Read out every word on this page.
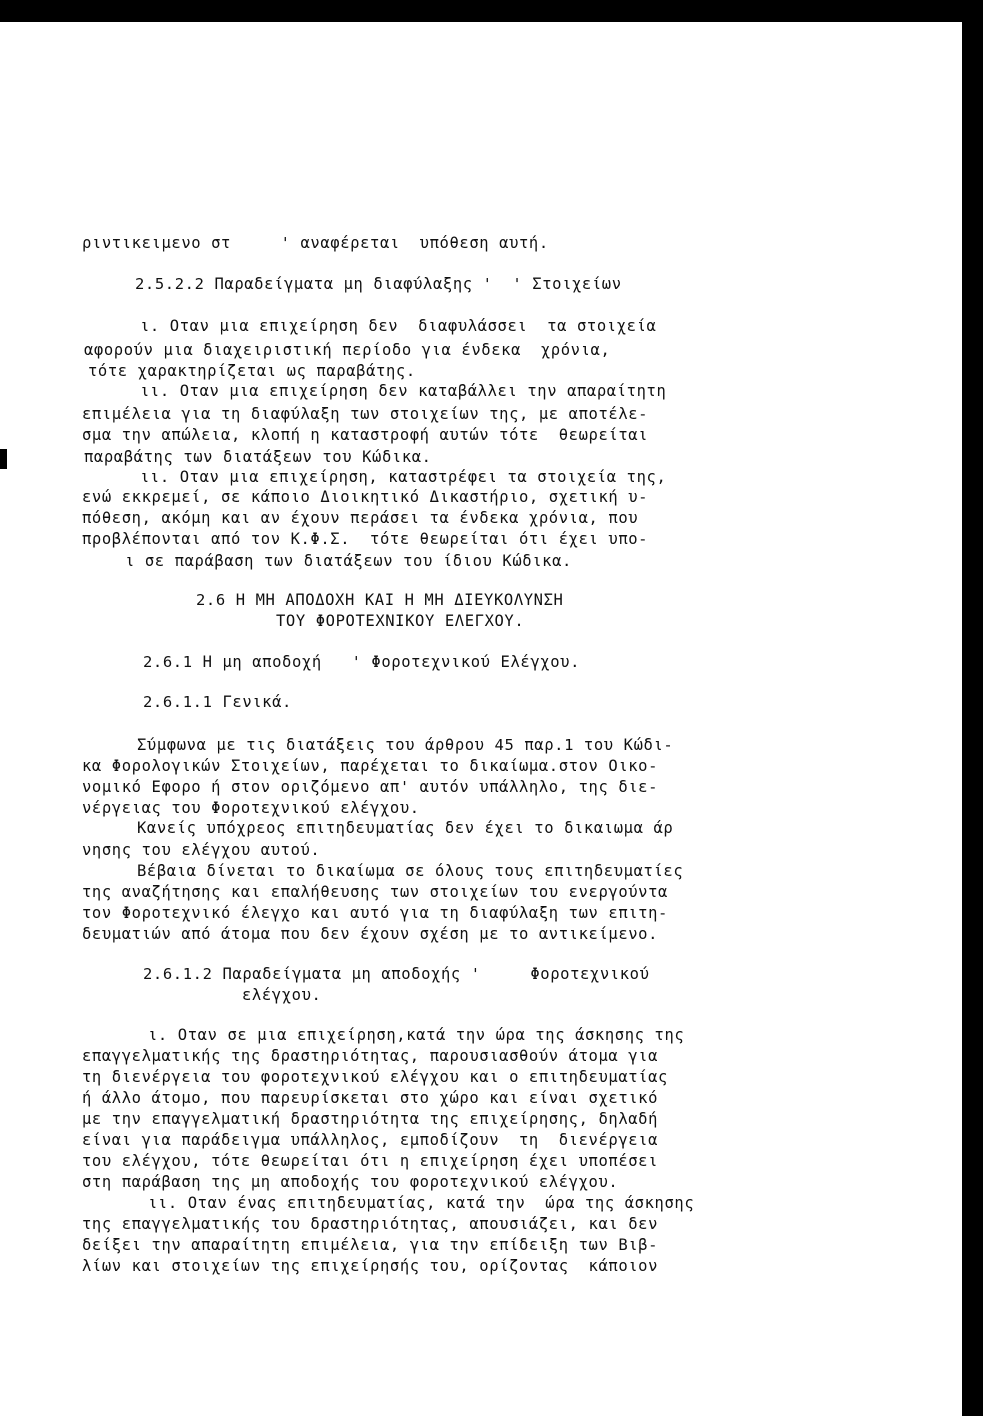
ριντικειμενο στ     ' αναφέρεται  υπόθεση αυτή.
2.5.2.2 Παραδείγματα μη διαφύλαξης '  ' Στοιχείων
ι. Οταν μια επιχείρηση δεν  διαφυλάσσει  τα στοιχεία
αφορούν μια διαχειριστική περίοδο για ένδεκα  χρόνια,
τότε χαρακτηρίζεται ως παραβάτης.
ιι. Οταν μια επιχείρηση δεν καταβάλλει την απαραίτητη
επιμέλεια για τη διαφύλαξη των στοιχείων της, με αποτέλε-
σμα την απώλεια, κλοπή η καταστροφή αυτών τότε  θεωρείται
παραβάτης των διατάξεων του Κώδικα.
ιι. Οταν μια επιχείρηση, καταστρέφει τα στοιχεία της,
ενώ εκκρεμεί, σε κάποιο Διοικητικό Δικαστήριο, σχετική υ-
πόθεση, ακόμη και αν έχουν περάσει τα ένδεκα χρόνια, που
προβλέπονται από τον Κ.Φ.Σ.  τότε θεωρείται ότι έχει υπο-
ι σε παράβαση των διατάξεων του ίδιου Κώδικα.
2.6 Η ΜΗ ΑΠΟΔΟΧΗ ΚΑΙ Η ΜΗ ΔΙΕΥΚΟΛΥΝΣΗ
ΤΟΥ ΦΟΡΟΤΕΧΝΙΚΟΥ ΕΛΕΓΧΟΥ.
2.6.1 Η μη αποδοχή   ' Φοροτεχνικού Ελέγχου.
2.6.1.1 Γενικά.
Σύμφωνα με τις διατάξεις του άρθρου 45 παρ.1 του Κώδι-
κα Φορολογικών Στοιχείων, παρέχεται το δικαίωμα.στον Οικο-
νομικό Εφορο ή στον οριζόμενο απ' αυτόν υπάλληλο, της διε-
νέργειας του Φοροτεχνικού ελέγχου.
Κανείς υπόχρεος επιτηδευματίας δεν έχει το δικαιωμα άρ
νησης του ελέγχου αυτού.
Βέβαια δίνεται το δικαίωμα σε όλους τους επιτηδευματίες
της αναζήτησης και επαλήθευσης των στοιχείων του ενεργούντα
τον Φοροτεχνικό έλεγχο και αυτό για τη διαφύλαξη των επιτη-
δευματιών από άτομα που δεν έχουν σχέση με το αντικείμενο.
2.6.1.2 Παραδείγματα μη αποδοχής '     Φοροτεχνικού
ελέγχου.
ι. Οταν σε μια επιχείρηση,κατά την ώρα της άσκησης της
επαγγελματικής της δραστηριότητας, παρουσιασθούν άτομα για
τη διενέργεια του φοροτεχνικού ελέγχου και ο επιτηδευματίας
ή άλλο άτομο, που παρευρίσκεται στο χώρο και είναι σχετικό
με την επαγγελματική δραστηριότητα της επιχείρησης, δηλαδή
είναι για παράδειγμα υπάλληλος, εμποδίζουν  τη  διενέργεια
του ελέγχου, τότε θεωρείται ότι η επιχείρηση έχει υποπέσει
στη παράβαση της μη αποδοχής του φοροτεχνικού ελέγχου.
ιι. Οταν ένας επιτηδευματίας, κατά την  ώρα της άσκησης
της επαγγελματικής του δραστηριότητας, απουσιάζει, και δεν
δείξει την απαραίτητη επιμέλεια, για την επίδειξη των Βιβ-
λίων και στοιχείων της επιχείρησής του, ορίζοντας  κάποιον
